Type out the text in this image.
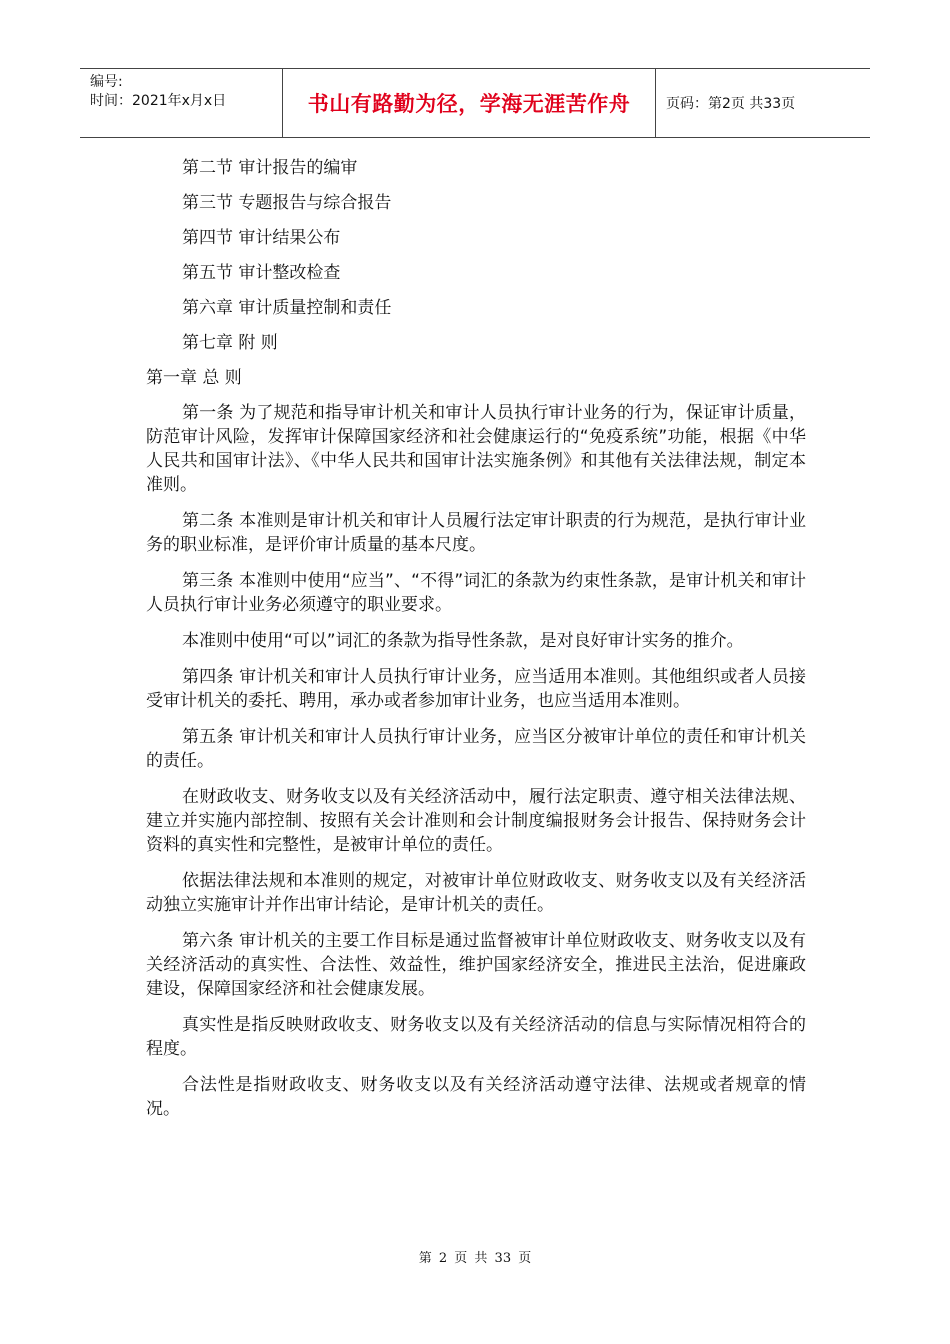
编号:
时间：2021年x月x日	书山有路勤为径，学海无涯苦作舟	页码：第2页 共33页
第二节 审计报告的编审
第三节 专题报告与综合报告
第四节 审计结果公布
第五节 审计整改检查
第六章 审计质量控制和责任
第七章 附 则
第一章 总 则

第一条 为了规范和指导审计机关和审计人员执行审计业务的行为，保证审计质量，防范审计风险，发挥审计保障国家经济和社会健康运行的“免疫系统”功能，根据《中华人民共和国审计法》、《中华人民共和国审计法实施条例》和其他有关法律法规，制定本准则。

第二条 本准则是审计机关和审计人员履行法定审计职责的行为规范，是执行审计业务的职业标准，是评价审计质量的基本尺度。

第三条 本准则中使用“应当”、“不得”词汇的条款为约束性条款，是审计机关和审计人员执行审计业务必须遵守的职业要求。

本准则中使用“可以”词汇的条款为指导性条款，是对良好审计实务的推介。

第四条 审计机关和审计人员执行审计业务，应当适用本准则。其他组织或者人员接受审计机关的委托、聘用，承办或者参加审计业务，也应当适用本准则。

第五条 审计机关和审计人员执行审计业务，应当区分被审计单位的责任和审计机关的责任。

在财政收支、财务收支以及有关经济活动中，履行法定职责、遵守相关法律法规、建立并实施内部控制、按照有关会计准则和会计制度编报财务会计报告、保持财务会计资料的真实性和完整性，是被审计单位的责任。

依据法律法规和本准则的规定，对被审计单位财政收支、财务收支以及有关经济活动独立实施审计并作出审计结论，是审计机关的责任。

第六条 审计机关的主要工作目标是通过监督被审计单位财政收支、财务收支以及有关经济活动的真实性、合法性、效益性，维护国家经济安全，推进民主法治，促进廉政建设，保障国家经济和社会健康发展。

真实性是指反映财政收支、财务收支以及有关经济活动的信息与实际情况相符合的程度。

合法性是指财政收支、财务收支以及有关经济活动遵守法律、法规或者规章的情况。

第 2 页 共 33 页
